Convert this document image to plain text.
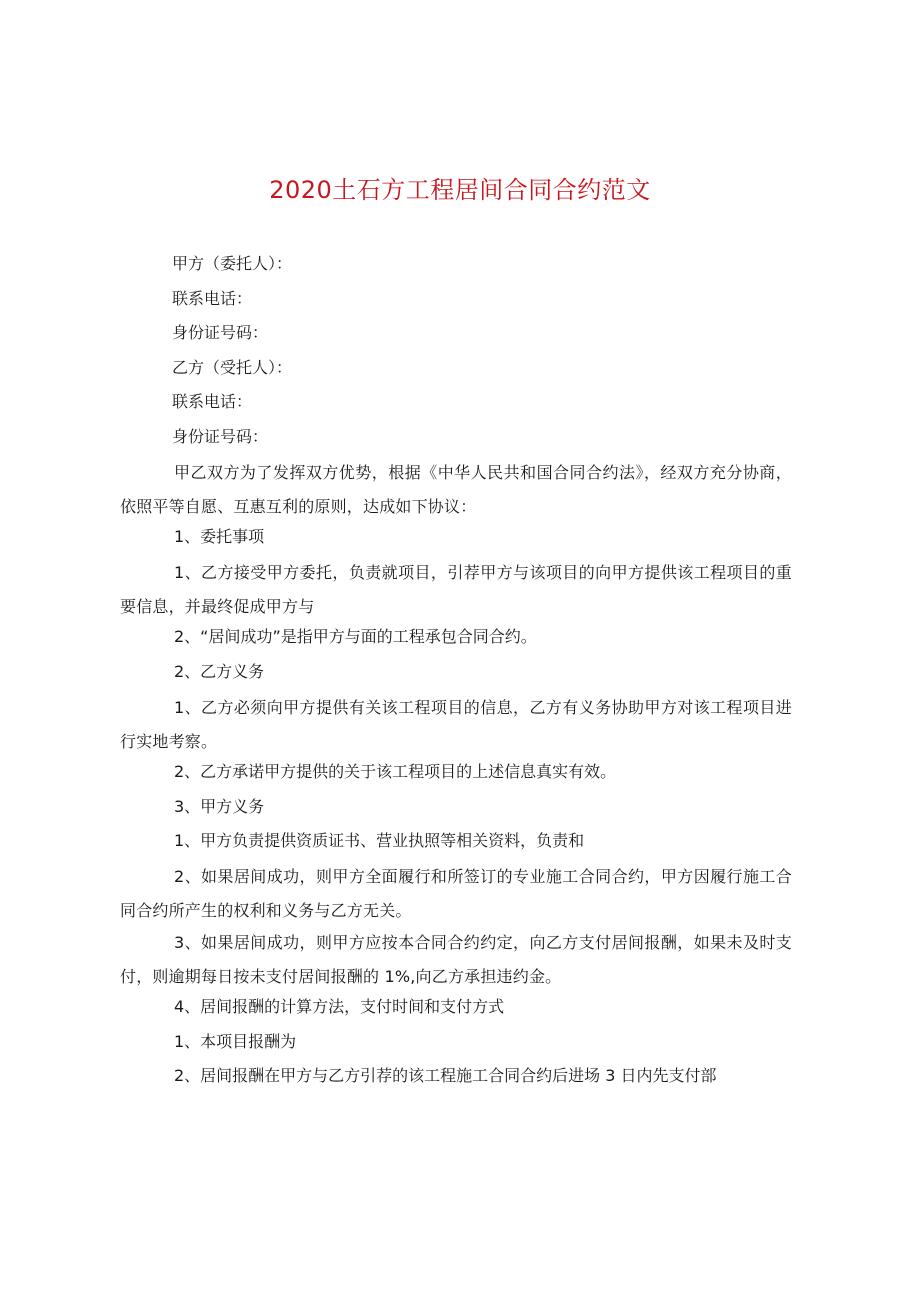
2020土石方工程居间合同合约范文
甲方（委托人）：
联系电话：
身份证号码：
乙方（受托人）：
联系电话：
身份证号码：
甲乙双方为了发挥双方优势，根据《中华人民共和国合同合约法》，经双方充分协商，依照平等自愿、互惠互利的原则，达成如下协议：
1、委托事项
1、乙方接受甲方委托，负责就项目，引荐甲方与该项目的向甲方提供该工程项目的重要信息，并最终促成甲方与
2、“居间成功”是指甲方与面的工程承包合同合约。
2、乙方义务
1、乙方必须向甲方提供有关该工程项目的信息，乙方有义务协助甲方对该工程项目进行实地考察。
2、乙方承诺甲方提供的关于该工程项目的上述信息真实有效。
3、甲方义务
1、甲方负责提供资质证书、营业执照等相关资料，负责和
2、如果居间成功，则甲方全面履行和所签订的专业施工合同合约，甲方因履行施工合同合约所产生的权利和义务与乙方无关。
3、如果居间成功，则甲方应按本合同合约约定，向乙方支付居间报酬，如果未及时支付，则逾期每日按未支付居间报酬的 1%,向乙方承担违约金。
4、居间报酬的计算方法，支付时间和支付方式
1、本项目报酬为
2、居间报酬在甲方与乙方引荐的该工程施工合同合约后进场 3 日内先支付部
